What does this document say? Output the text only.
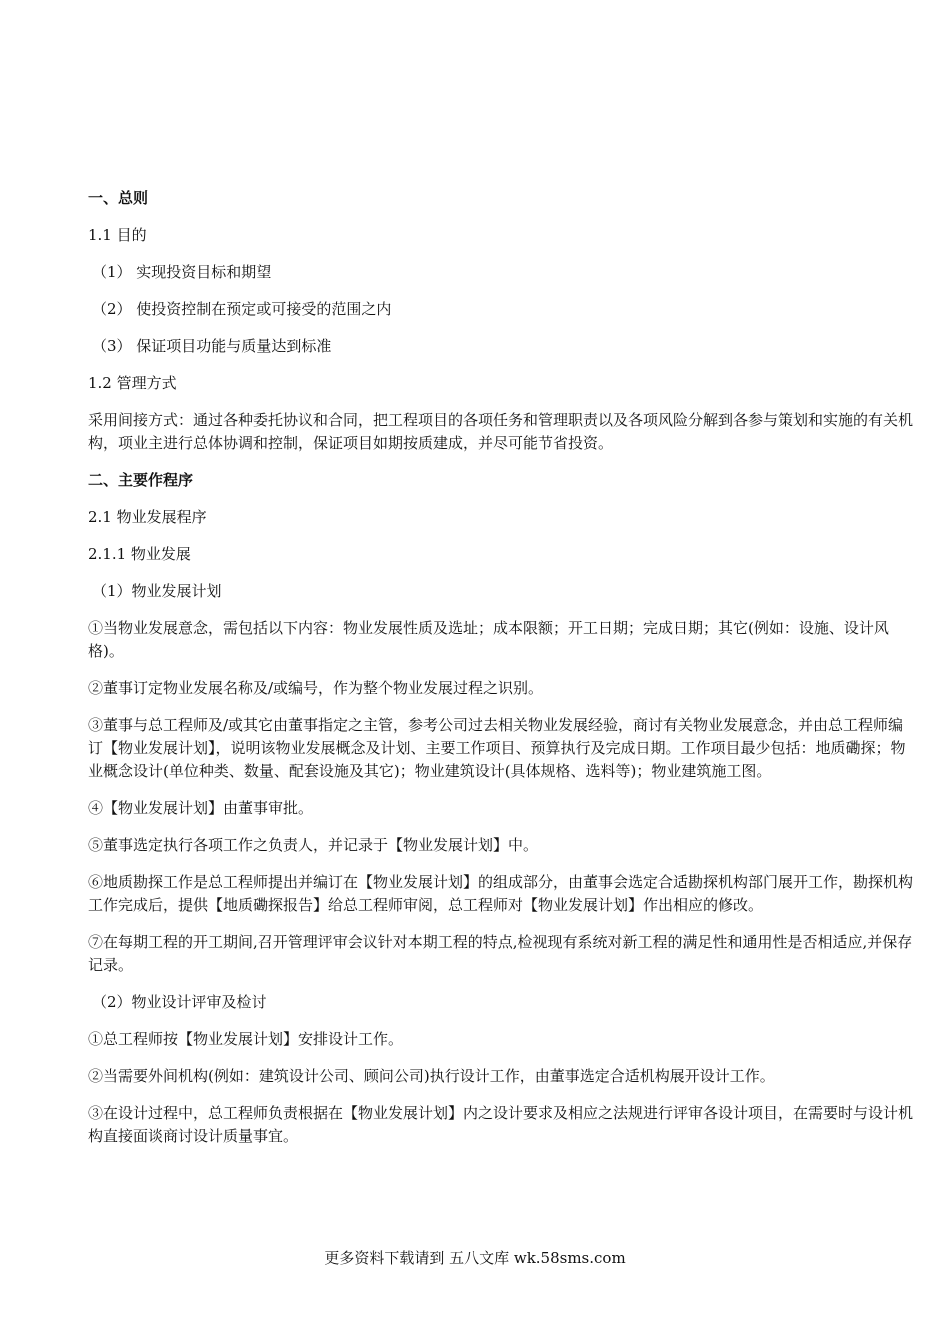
一、总则

1.1 目的

（1） 实现投资目标和期望

（2） 使投资控制在预定或可接受的范围之内

（3） 保证项目功能与质量达到标准

1.2 管理方式

采用间接方式：通过各种委托协议和合同，把工程项目的各项任务和管理职责以及各项风险分解到各参与策划和实施的有关机构，项业主进行总体协调和控制，保证项目如期按质建成，并尽可能节省投资。

二、主要作程序

2.1 物业发展程序

2.1.1 物业发展

（1）物业发展计划

①当物业发展意念，需包括以下内容：物业发展性质及选址；成本限额；开工日期；完成日期；其它(例如：设施、设计风格)。

②董事订定物业发展名称及/或编号，作为整个物业发展过程之识别。

③董事与总工程师及/或其它由董事指定之主管，参考公司过去相关物业发展经验，商讨有关物业发展意念，并由总工程师编订【物业发展计划】，说明该物业发展概念及计划、主要工作项目、预算执行及完成日期。工作项目最少包括：地质磡探；物业概念设计(单位种类、数量、配套设施及其它)；物业建筑设计(具体规格、选料等)；物业建筑施工图。

④【物业发展计划】由董事审批。

⑤董事选定执行各项工作之负责人，并记录于【物业发展计划】中。

⑥地质勘探工作是总工程师提出并编订在【物业发展计划】的组成部分，由董事会选定合适勘探机构部门展开工作，勘探机构工作完成后，提供【地质磡探报告】给总工程师审阅，总工程师对【物业发展计划】作出相应的修改。

⑦在每期工程的开工期间,召开管理评审会议针对本期工程的特点,检视现有系统对新工程的满足性和通用性是否相适应,并保存记录。

（2）物业设计评审及检讨

①总工程师按【物业发展计划】安排设计工作。

②当需要外间机构(例如：建筑设计公司、顾问公司)执行设计工作，由董事选定合适机构展开设计工作。

③在设计过程中，总工程师负责根据在【物业发展计划】内之设计要求及相应之法规进行评审各设计项目，在需要时与设计机构直接面谈商讨设计质量事宜。

更多资料下载请到 五八文库 wk.58sms.com
